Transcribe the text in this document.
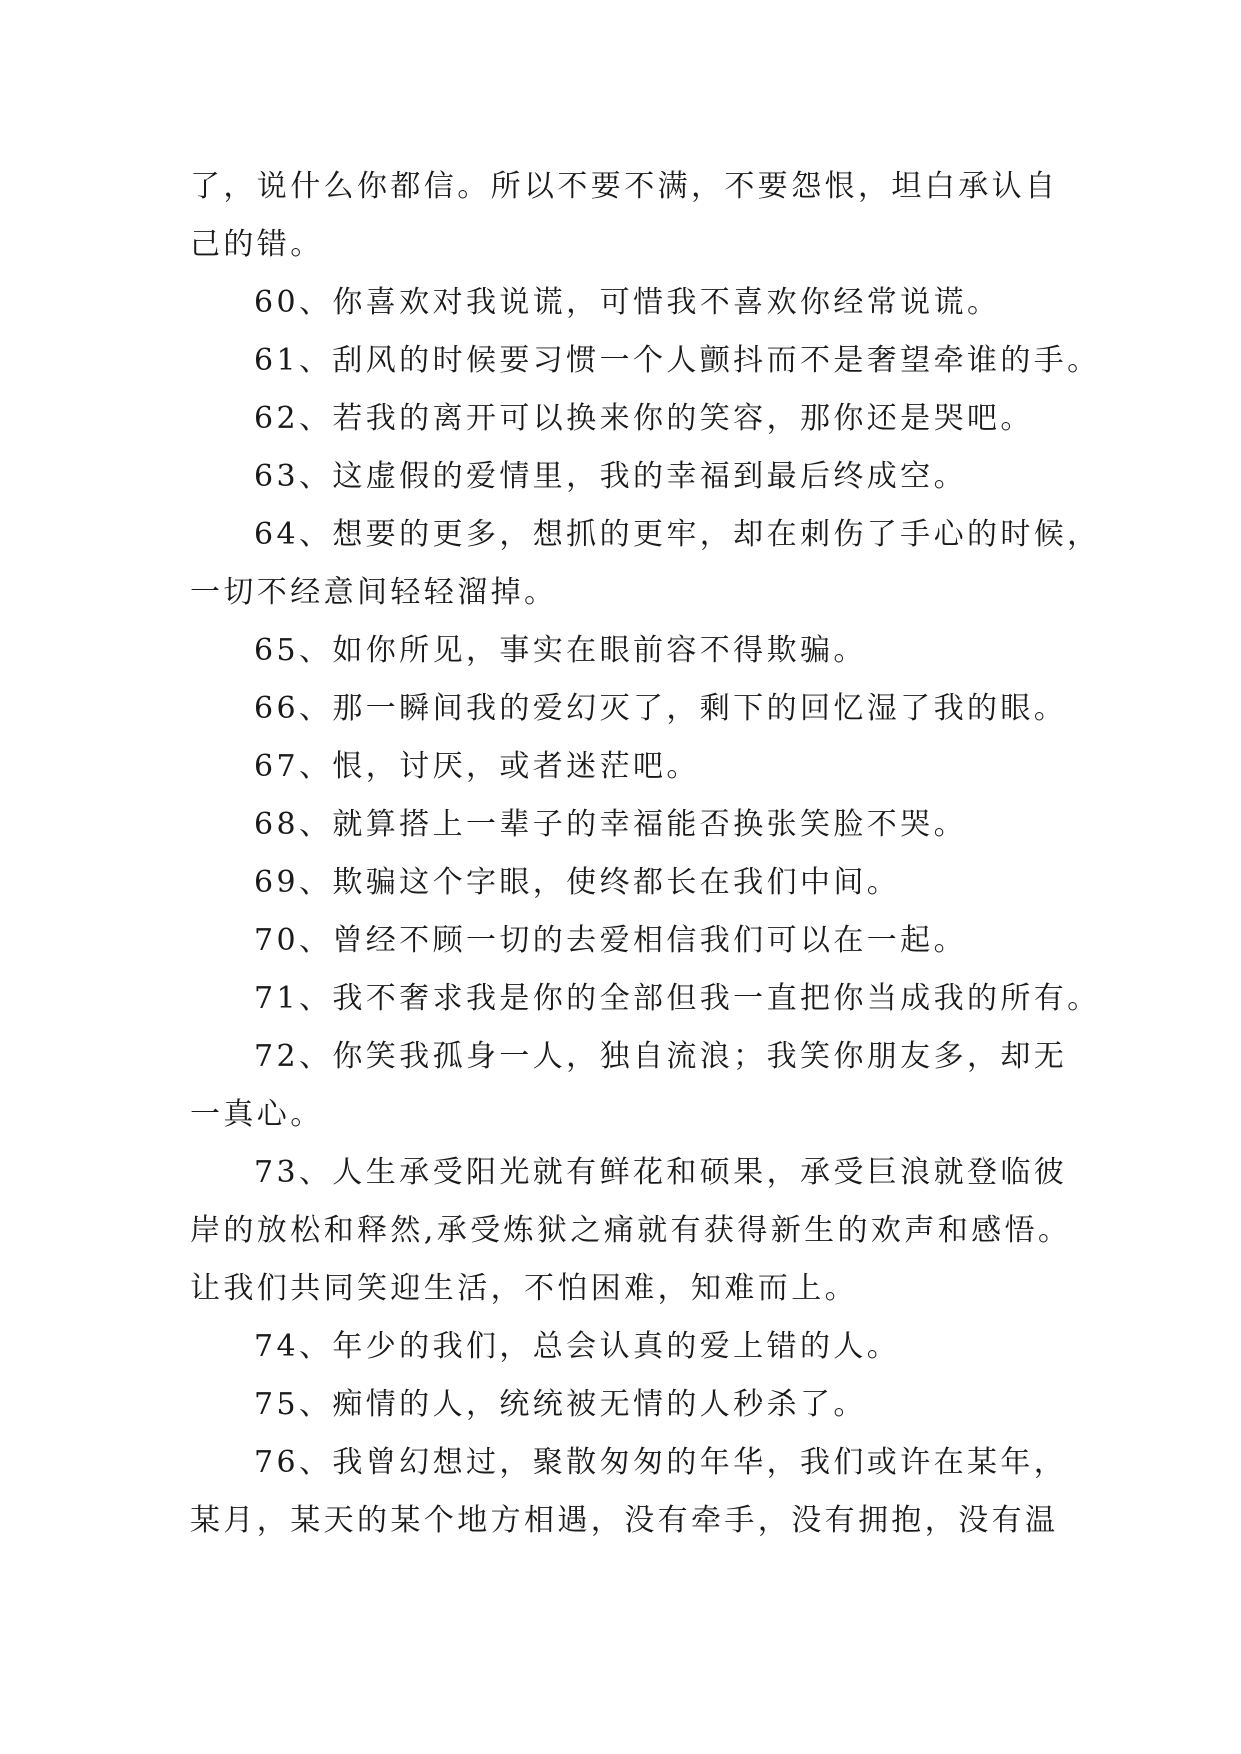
了，说什么你都信。所以不要不满，不要怨恨，坦白承认自
己的错。
60、你喜欢对我说谎，可惜我不喜欢你经常说谎。
61、刮风的时候要习惯一个人颤抖而不是奢望牵谁的手。
62、若我的离开可以换来你的笑容，那你还是哭吧。
63、这虚假的爱情里，我的幸福到最后终成空。
64、想要的更多，想抓的更牢，却在刺伤了手心的时候，
一切不经意间轻轻溜掉。
65、如你所见，事实在眼前容不得欺骗。
66、那一瞬间我的爱幻灭了，剩下的回忆湿了我的眼。
67、恨，讨厌，或者迷茫吧。
68、就算搭上一辈子的幸福能否换张笑脸不哭。
69、欺骗这个字眼，使终都长在我们中间。
70、曾经不顾一切的去爱相信我们可以在一起。
71、我不奢求我是你的全部但我一直把你当成我的所有。
72、你笑我孤身一人，独自流浪；我笑你朋友多，却无
一真心。
73、人生承受阳光就有鲜花和硕果，承受巨浪就登临彼
岸的放松和释然,承受炼狱之痛就有获得新生的欢声和感悟。
让我们共同笑迎生活，不怕困难，知难而上。
74、年少的我们，总会认真的爱上错的人。
75、痴情的人，统统被无情的人秒杀了。
76、我曾幻想过，聚散匆匆的年华，我们或许在某年，
某月，某天的某个地方相遇，没有牵手，没有拥抱，没有温
